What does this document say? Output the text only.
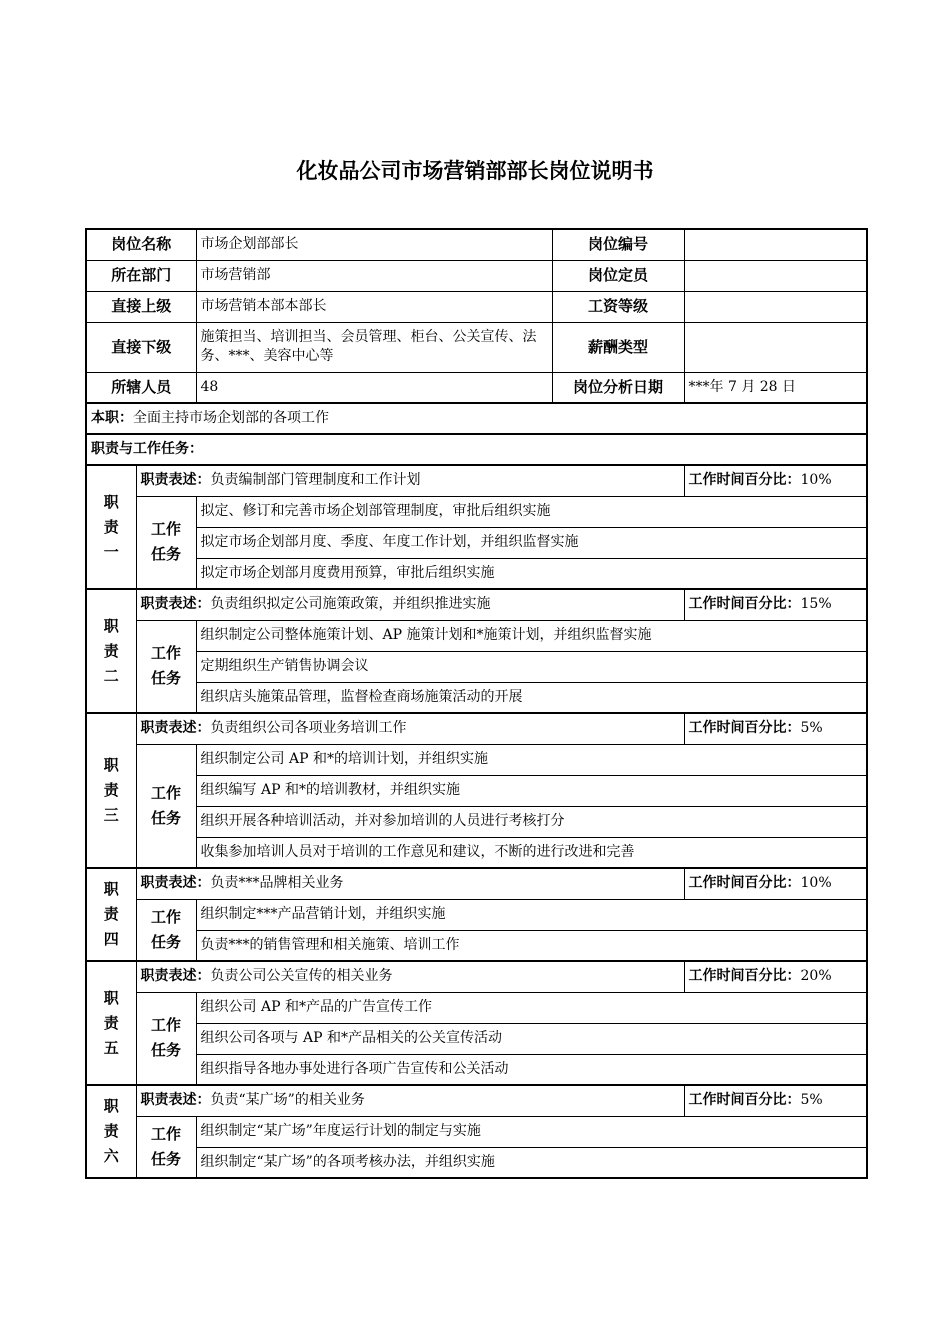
化妆品公司市场营销部部长岗位说明书
岗位名称		市场企划部部长	岗位编号	
所在部门		市场营销部	岗位定员	
直接上级		市场营销本部本部长	工资等级	
直接下级		施策担当、培训担当、会员管理、柜台、公关宣传、法务、***、美容中心等	薪酬类型	
所辖人员		48	岗位分析日期	***年 7 月 28 日
本职：全面主持市场企划部的各项工作				
职责与工作任务：				
职责一	职责表述：负责编制部门管理制度和工作计划			工作时间百分比：10%
	工作任务	拟定、修订和完善市场企划部管理制度，审批后组织实施		
		拟定市场企划部月度、季度、年度工作计划，并组织监督实施		
		拟定市场企划部月度费用预算，审批后组织实施		
职责二	职责表述：负责组织拟定公司施策政策，并组织推进实施			工作时间百分比：15%
	工作任务	组织制定公司整体施策计划、AP 施策计划和*施策计划，并组织监督实施		
		定期组织生产销售协调会议		
		组织店头施策品管理，监督检查商场施策活动的开展		
职责三	职责表述：负责组织公司各项业务培训工作			工作时间百分比：5%
	工作任务	组织制定公司 AP 和*的培训计划，并组织实施		
		组织编写 AP 和*的培训教材，并组织实施		
		组织开展各种培训活动，并对参加培训的人员进行考核打分		
		收集参加培训人员对于培训的工作意见和建议，不断的进行改进和完善		
职责四	职责表述：负责***品牌相关业务			工作时间百分比：10%
	工作任务	组织制定***产品营销计划，并组织实施		
		负责***的销售管理和相关施策、培训工作		
职责五	职责表述：负责公司公关宣传的相关业务			工作时间百分比：20%
	工作任务	组织公司 AP 和*产品的广告宣传工作		
		组织公司各项与 AP 和*产品相关的公关宣传活动		
		组织指导各地办事处进行各项广告宣传和公关活动		
职责六	职责表述：负责“某广场”的相关业务			工作时间百分比：5%
	工作任务	组织制定“某广场”年度运行计划的制定与实施		
		组织制定“某广场”的各项考核办法，并组织实施		
